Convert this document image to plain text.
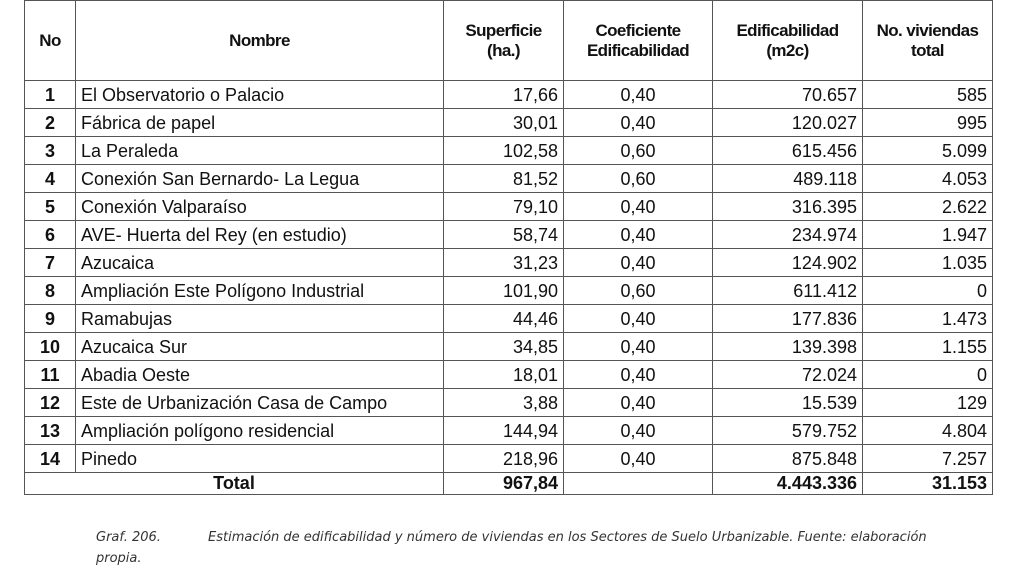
No	Nombre	Superficie (ha.)	Coeficiente Edificabilidad	Edificabilidad (m2c)	No. viviendas total
1	El Observatorio o Palacio	17,66	0,40	70.657	585
2	Fábrica de papel	30,01	0,40	120.027	995
3	La Peraleda	102,58	0,60	615.456	5.099
4	Conexión San Bernardo- La Legua	81,52	0,60	489.118	4.053
5	Conexión Valparaíso	79,10	0,40	316.395	2.622
6	AVE- Huerta del Rey (en estudio)	58,74	0,40	234.974	1.947
7	Azucaica	31,23	0,40	124.902	1.035
8	Ampliación Este Polígono Industrial	101,90	0,60	611.412	0
9	Ramabujas	44,46	0,40	177.836	1.473
10	Azucaica Sur	34,85	0,40	139.398	1.155
11	Abadia Oeste	18,01	0,40	72.024	0
12	Este de Urbanización Casa de Campo	3,88	0,40	15.539	129
13	Ampliación polígono residencial	144,94	0,40	579.752	4.804
14	Pinedo	218,96	0,40	875.848	7.257
Total		967,84		4.443.336	31.153
Graf. 206.	Estimación de edificabilidad y número de viviendas en los Sectores de Suelo Urbanizable. Fuente: elaboración propia.
